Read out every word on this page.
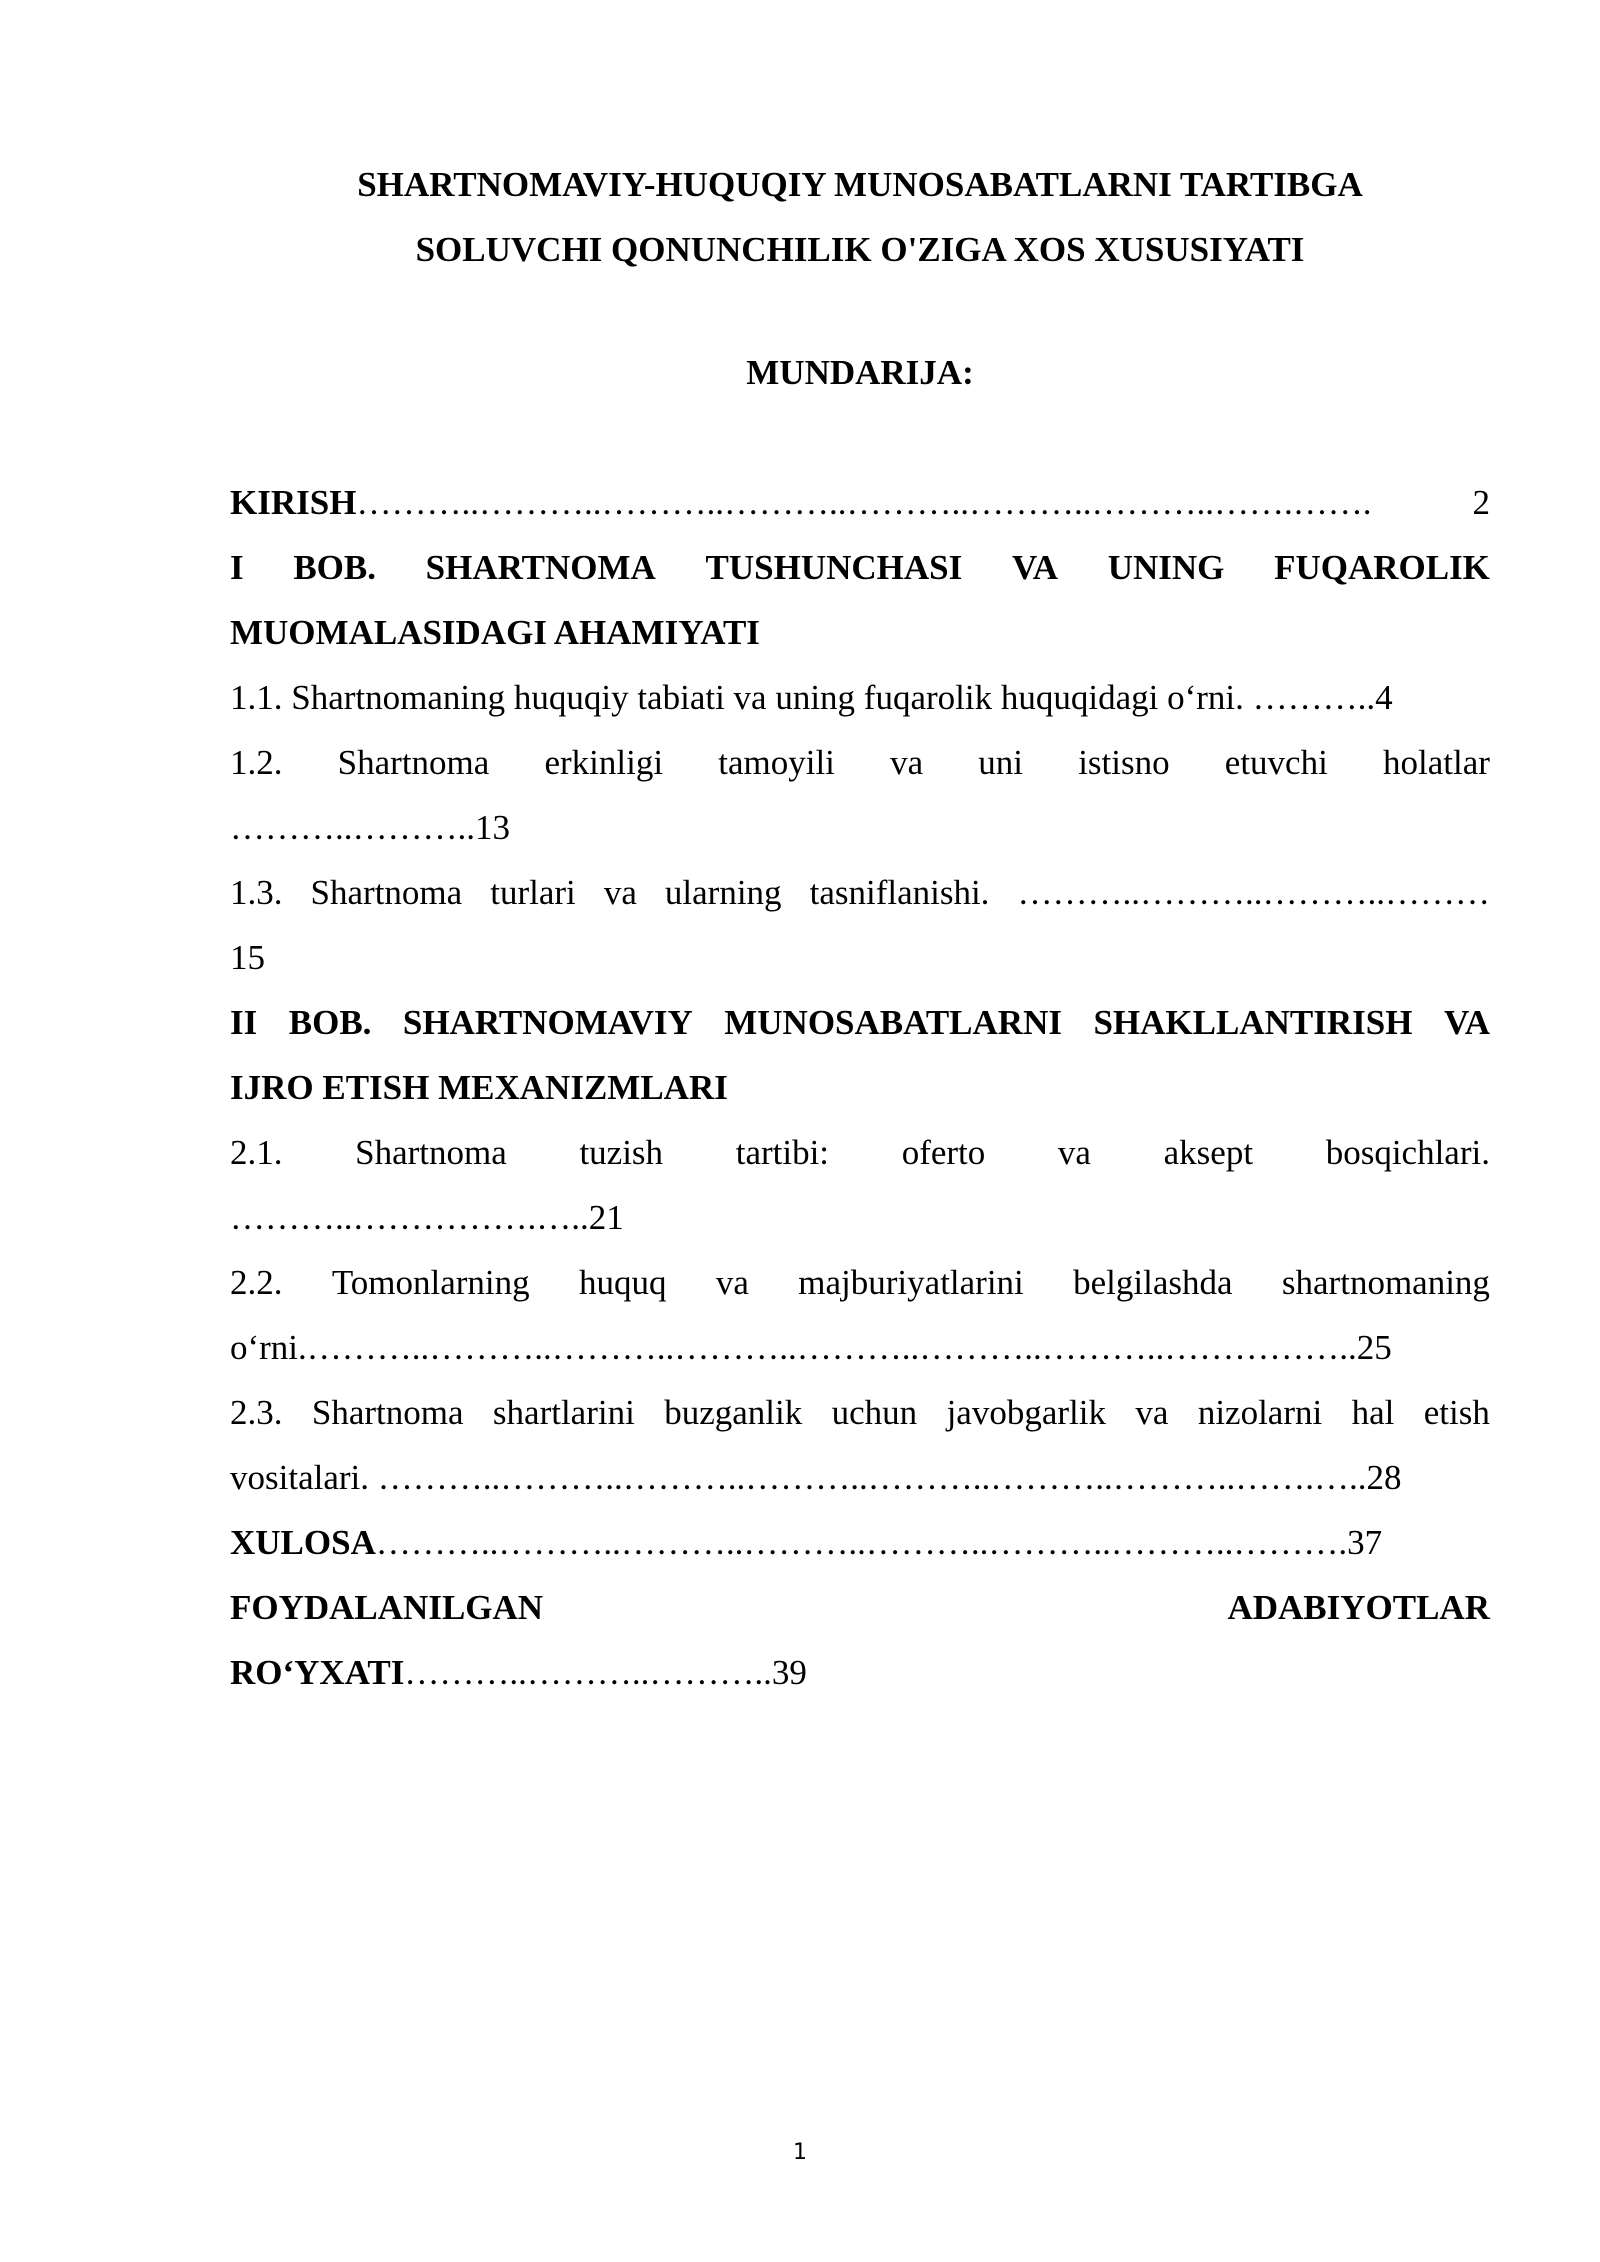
SHARTNOMAVIY-HUQUQIY MUNOSABATLARNI TARTIBGA
SOLUVCHI QONUNCHILIK O'ZIGA XOS XUSUSIYATI
MUNDARIJA:
KIRISH………..………..………..………..………..………..………..…….…….	2
I BOB. SHARTNOMA TUSHUNCHASI VA UNING FUQAROLIK
MUOMALASIDAGI AHAMIYATI
1.1. Shartnomaning huquqiy tabiati va uning fuqarolik huquqidagi o‘rni. ………..4
1.2. Shartnoma erkinligi tamoyili va uni istisno etuvchi holatlar
………..………..13
1.3. Shartnoma turlari va ularning tasniflanishi. ………..………..………..………
15
II BOB. SHARTNOMAVIY MUNOSABATLARNI SHAKLLANTIRISH VA
IJRO ETISH MEXANIZMLARI
2.1. Shartnoma tuzish tartibi: oferto va aksept bosqichlari.
………..…………….…..21
2.2. Tomonlarning huquq va majburiyatlarini belgilashda shartnomaning
o‘rni.………..………..………..………..………..………..………..……………..25
2.3. Shartnoma shartlarini buzganlik uchun javobgarlik va nizolarni hal etish
vositalari. ………..………..………..………..………..………..………..…….…..28
XULOSA………..………..………..………..………..………..………..……….37
FOYDALANILGAN	ADABIYOTLAR
RO‘YXATI………..………..………..39
1
